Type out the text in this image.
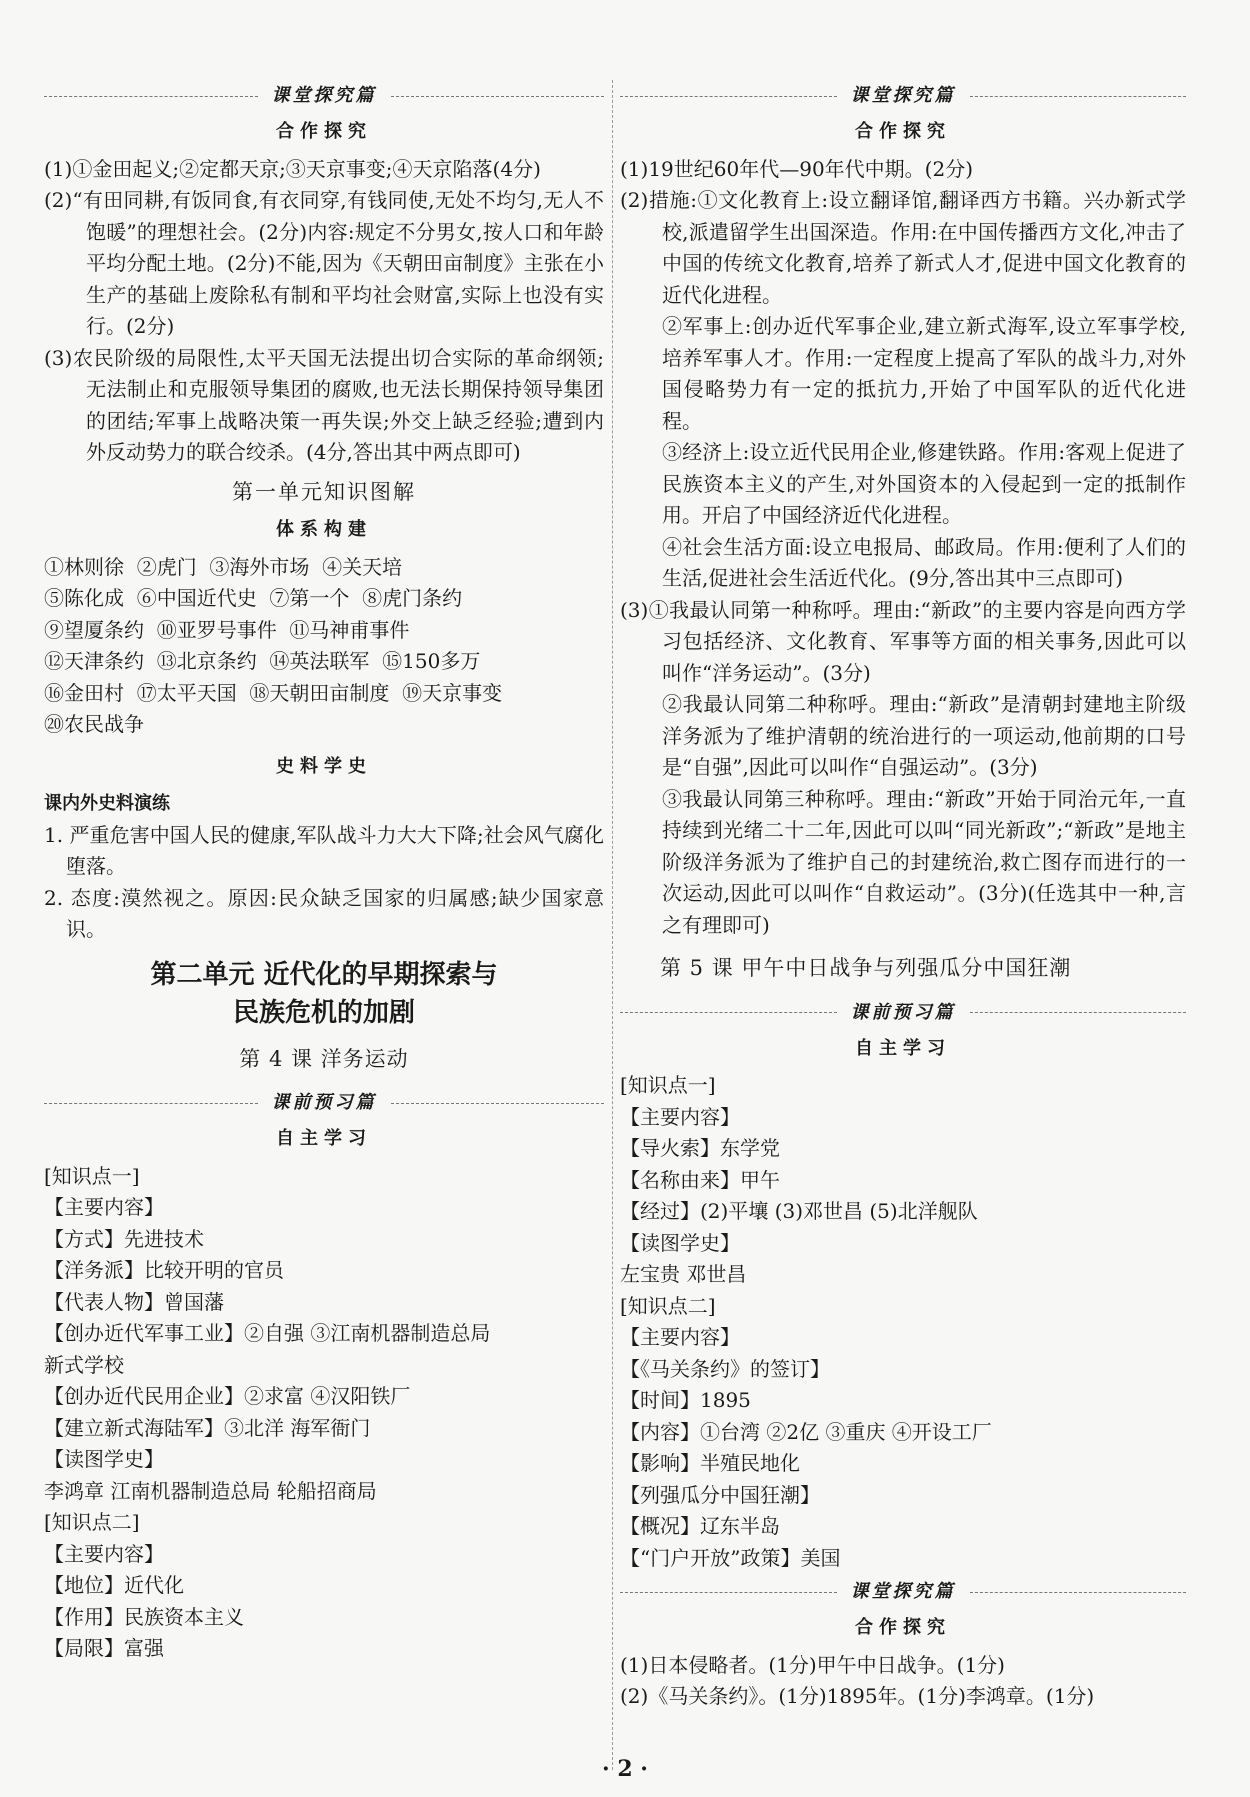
课堂探究篇
合作探究
(1)①金田起义;②定都天京;③天京事变;④天京陷落(4分)
(2)“有田同耕,有饭同食,有衣同穿,有钱同使,无处不均匀,无人不饱暖”的理想社会。(2分)内容:规定不分男女,按人口和年龄平均分配土地。(2分)不能,因为《天朝田亩制度》主张在小生产的基础上废除私有制和平均社会财富,实际上也没有实行。(2分)
(3)农民阶级的局限性,太平天国无法提出切合实际的革命纲领;无法制止和克服领导集团的腐败,也无法长期保持领导集团的团结;军事上战略决策一再失误;外交上缺乏经验;遭到内外反动势力的联合绞杀。(4分,答出其中两点即可)
第一单元知识图解
体系构建
①林则徐  ②虎门  ③海外市场  ④关天培
⑤陈化成  ⑥中国近代史  ⑦第一个  ⑧虎门条约
⑨望厦条约  ⑩亚罗号事件  ⑪马神甫事件
⑫天津条约  ⑬北京条约  ⑭英法联军  ⑮150多万
⑯金田村  ⑰太平天国  ⑱天朝田亩制度  ⑲天京事变
⑳农民战争
史料学史
课内外史料演练
1. 严重危害中国人民的健康,军队战斗力大大下降;社会风气腐化堕落。
2. 态度:漠然视之。原因:民众缺乏国家的归属感;缺少国家意识。
第二单元 近代化的早期探索与
民族危机的加剧
第 4 课 洋务运动
课前预习篇
自主学习
[知识点一]
【主要内容】
【方式】先进技术
【洋务派】比较开明的官员
【代表人物】曾国藩
【创办近代军事工业】②自强 ③江南机器制造总局
新式学校
【创办近代民用企业】②求富 ④汉阳铁厂
【建立新式海陆军】③北洋 海军衙门
【读图学史】
李鸿章 江南机器制造总局 轮船招商局
[知识点二]
【主要内容】
【地位】近代化
【作用】民族资本主义
【局限】富强
课堂探究篇
合作探究
(1)19世纪60年代—90年代中期。(2分)
(2)措施:①文化教育上:设立翻译馆,翻译西方书籍。兴办新式学校,派遣留学生出国深造。作用:在中国传播西方文化,冲击了中国的传统文化教育,培养了新式人才,促进中国文化教育的近代化进程。
②军事上:创办近代军事企业,建立新式海军,设立军事学校,培养军事人才。作用:一定程度上提高了军队的战斗力,对外国侵略势力有一定的抵抗力,开始了中国军队的近代化进程。
③经济上:设立近代民用企业,修建铁路。作用:客观上促进了民族资本主义的产生,对外国资本的入侵起到一定的抵制作用。开启了中国经济近代化进程。
④社会生活方面:设立电报局、邮政局。作用:便利了人们的生活,促进社会生活近代化。(9分,答出其中三点即可)
(3)①我最认同第一种称呼。理由:“新政”的主要内容是向西方学习包括经济、文化教育、军事等方面的相关事务,因此可以叫作“洋务运动”。(3分)
②我最认同第二种称呼。理由:“新政”是清朝封建地主阶级洋务派为了维护清朝的统治进行的一项运动,他前期的口号是“自强”,因此可以叫作“自强运动”。(3分)
③我最认同第三种称呼。理由:“新政”开始于同治元年,一直持续到光绪二十二年,因此可以叫“同光新政”;“新政”是地主阶级洋务派为了维护自己的封建统治,救亡图存而进行的一次运动,因此可以叫作“自救运动”。(3分)(任选其中一种,言之有理即可)
第 5 课 甲午中日战争与列强瓜分中国狂潮
课前预习篇
自主学习
[知识点一]
【主要内容】
【导火索】东学党
【名称由来】甲午
【经过】(2)平壤 (3)邓世昌 (5)北洋舰队
【读图学史】
左宝贵 邓世昌
[知识点二]
【主要内容】
【《马关条约》的签订】
【时间】1895
【内容】①台湾 ②2亿 ③重庆 ④开设工厂
【影响】半殖民地化
【列强瓜分中国狂潮】
【概况】辽东半岛
【“门户开放”政策】美国
课堂探究篇
合作探究
(1)日本侵略者。(1分)甲午中日战争。(1分)
(2)《马关条约》。(1分)1895年。(1分)李鸿章。(1分)
· 2 ·
